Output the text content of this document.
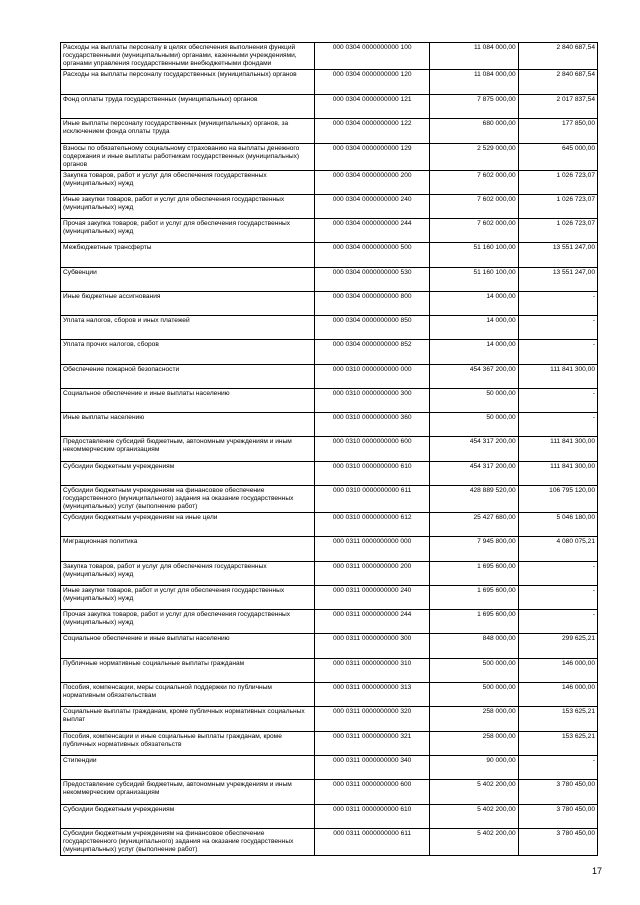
Расходы на выплаты персоналу в целях обеспечения выполнения функций государственными (муниципальными) органами, казенными учреждениями, органами управления государственными внебюджетными фондами	000 0304 0000000000 100	11 084 000,00	2 840 687,54
Расходы на выплаты персоналу государственных (муниципальных) органов	000 0304 0000000000 120	11 084 000,00	2 840 687,54
Фонд оплаты труда государственных (муниципальных) органов	000 0304 0000000000 121	7 875 000,00	2 017 837,54
Иные выплаты персоналу государственных (муниципальных) органов, за исключением фонда оплаты труда	000 0304 0000000000 122	680 000,00	177 850,00
Взносы по обязательному социальному страхованию на выплаты денежного содержания и иные выплаты работникам государственных (муниципальных) органов	000 0304 0000000000 129	2 529 000,00	645 000,00
Закупка товаров, работ и услуг для обеспечения государственных (муниципальных) нужд	000 0304 0000000000 200	7 602 000,00	1 026 723,07
Иные закупки товаров, работ и услуг для обеспечения государственных (муниципальных) нужд	000 0304 0000000000 240	7 602 000,00	1 026 723,07
Прочая закупка товаров, работ и услуг для обеспечения государственных (муниципальных) нужд	000 0304 0000000000 244	7 602 000,00	1 026 723,07
Межбюджетные трансферты	000 0304 0000000000 500	51 160 100,00	13 551 247,00
Субвенции	000 0304 0000000000 530	51 160 100,00	13 551 247,00
Иные бюджетные ассигнования	000 0304 0000000000 800	14 000,00	-
Уплата налогов, сборов и иных платежей	000 0304 0000000000 850	14 000,00	-
Уплата прочих налогов, сборов	000 0304 0000000000 852	14 000,00	-
Обеспечение пожарной безопасности	000 0310 0000000000 000	454 367 200,00	111 841 300,00
Социальное обеспечение и иные выплаты населению	000 0310 0000000000 300	50 000,00	-
Иные выплаты населению	000 0310 0000000000 360	50 000,00	-
Предоставление субсидий бюджетным, автономным учреждениям и иным некоммерческим организациям	000 0310 0000000000 600	454 317 200,00	111 841 300,00
Субсидии бюджетным учреждениям	000 0310 0000000000 610	454 317 200,00	111 841 300,00
Субсидии бюджетным учреждениям на финансовое обеспечение государственного (муниципального) задания на оказание государственных (муниципальных) услуг (выполнение работ)	000 0310 0000000000 611	428 889 520,00	106 795 120,00
Субсидии бюджетным учреждениям на иные цели	000 0310 0000000000 612	25 427 680,00	5 046 180,00
Миграционная политика	000 0311 0000000000 000	7 945 800,00	4 080 075,21
Закупка товаров, работ и услуг для обеспечения государственных (муниципальных) нужд	000 0311 0000000000 200	1 695 600,00	-
Иные закупки товаров, работ и услуг для обеспечения государственных (муниципальных) нужд	000 0311 0000000000 240	1 695 600,00	-
Прочая закупка товаров, работ и услуг для обеспечения государственных (муниципальных) нужд	000 0311 0000000000 244	1 695 600,00	-
Социальное обеспечение и иные выплаты населению	000 0311 0000000000 300	848 000,00	299 625,21
Публичные нормативные социальные выплаты гражданам	000 0311 0000000000 310	500 000,00	146 000,00
Пособия, компенсации, меры социальной поддержки по публичным нормативным обязательствам	000 0311 0000000000 313	500 000,00	146 000,00
Социальные выплаты гражданам, кроме публичных нормативных социальных выплат	000 0311 0000000000 320	258 000,00	153 625,21
Пособия, компенсации и иные социальные выплаты гражданам, кроме публичных нормативных обязательств	000 0311 0000000000 321	258 000,00	153 625,21
Стипендии	000 0311 0000000000 340	90 000,00	-
Предоставление субсидий бюджетным, автономным учреждениям и иным некоммерческим организациям	000 0311 0000000000 600	5 402 200,00	3 780 450,00
Субсидии бюджетным учреждениям	000 0311 0000000000 610	5 402 200,00	3 780 450,00
Субсидии бюджетным учреждениям на финансовое обеспечение государственного (муниципального) задания на оказание государственных (муниципальных) услуг (выполнение работ)	000 0311 0000000000 611	5 402 200,00	3 780 450,00
17
